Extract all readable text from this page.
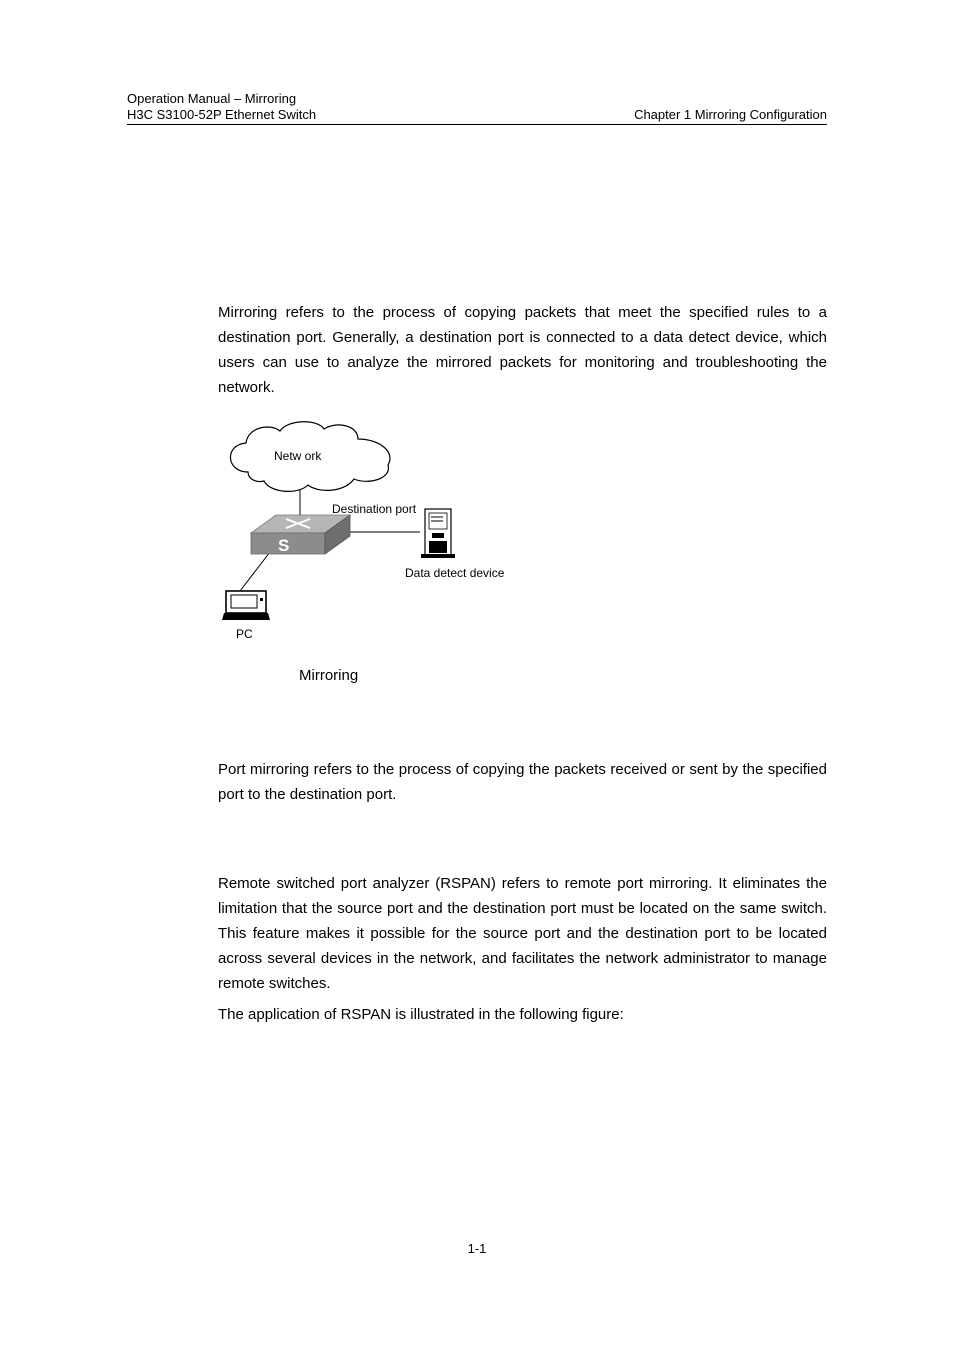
Operation Manual – Mirroring
H3C S3100-52P Ethernet Switch	Chapter 1 Mirroring Configuration

Mirroring refers to the process of copying packets that meet the specified rules to a destination port. Generally, a destination port is connected to a data detect device, which users can use to analyze the mirrored packets for monitoring and troubleshooting the network.

Netw ork
S
Destination port
Data detect device
PC
Mirroring

Port mirroring refers to the process of copying the packets received or sent by the specified port to the destination port.

Remote switched port analyzer (RSPAN) refers to remote port mirroring. It eliminates the limitation that the source port and the destination port must be located on the same switch. This feature makes it possible for the source port and the destination port to be located across several devices in the network, and facilitates the network administrator to manage remote switches.

The application of RSPAN is illustrated in the following figure:

1-1
